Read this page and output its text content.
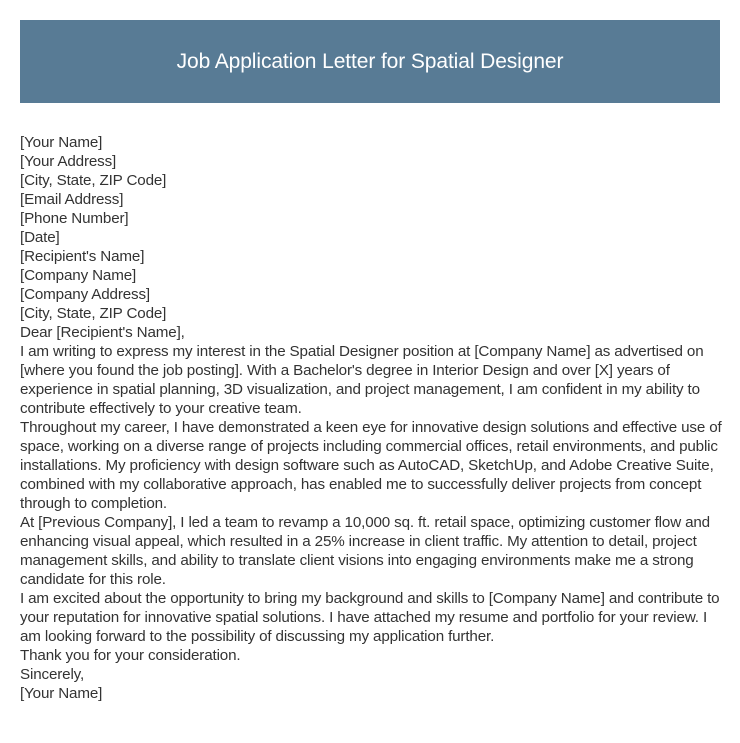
Job Application Letter for Spatial Designer

[Your Name]

[Your Address]

[City, State, ZIP Code]

[Email Address]

[Phone Number]

[Date]

[Recipient's Name]

[Company Name]

[Company Address]

[City, State, ZIP Code]

Dear [Recipient's Name],

I am writing to express my interest in the Spatial Designer position at [Company Name] as advertised on [where you found the job posting]. With a Bachelor's degree in Interior Design and over [X] years of experience in spatial planning, 3D visualization, and project management, I am confident in my ability to contribute effectively to your creative team.

Throughout my career, I have demonstrated a keen eye for innovative design solutions and effective use of space, working on a diverse range of projects including commercial offices, retail environments, and public installations. My proficiency with design software such as AutoCAD, SketchUp, and Adobe Creative Suite, combined with my collaborative approach, has enabled me to successfully deliver projects from concept through to completion.

At [Previous Company], I led a team to revamp a 10,000 sq. ft. retail space, optimizing customer flow and enhancing visual appeal, which resulted in a 25% increase in client traffic. My attention to detail, project management skills, and ability to translate client visions into engaging environments make me a strong candidate for this role.

I am excited about the opportunity to bring my background and skills to [Company Name] and contribute to your reputation for innovative spatial solutions. I have attached my resume and portfolio for your review. I am looking forward to the possibility of discussing my application further.

Thank you for your consideration.

Sincerely,

[Your Name]
